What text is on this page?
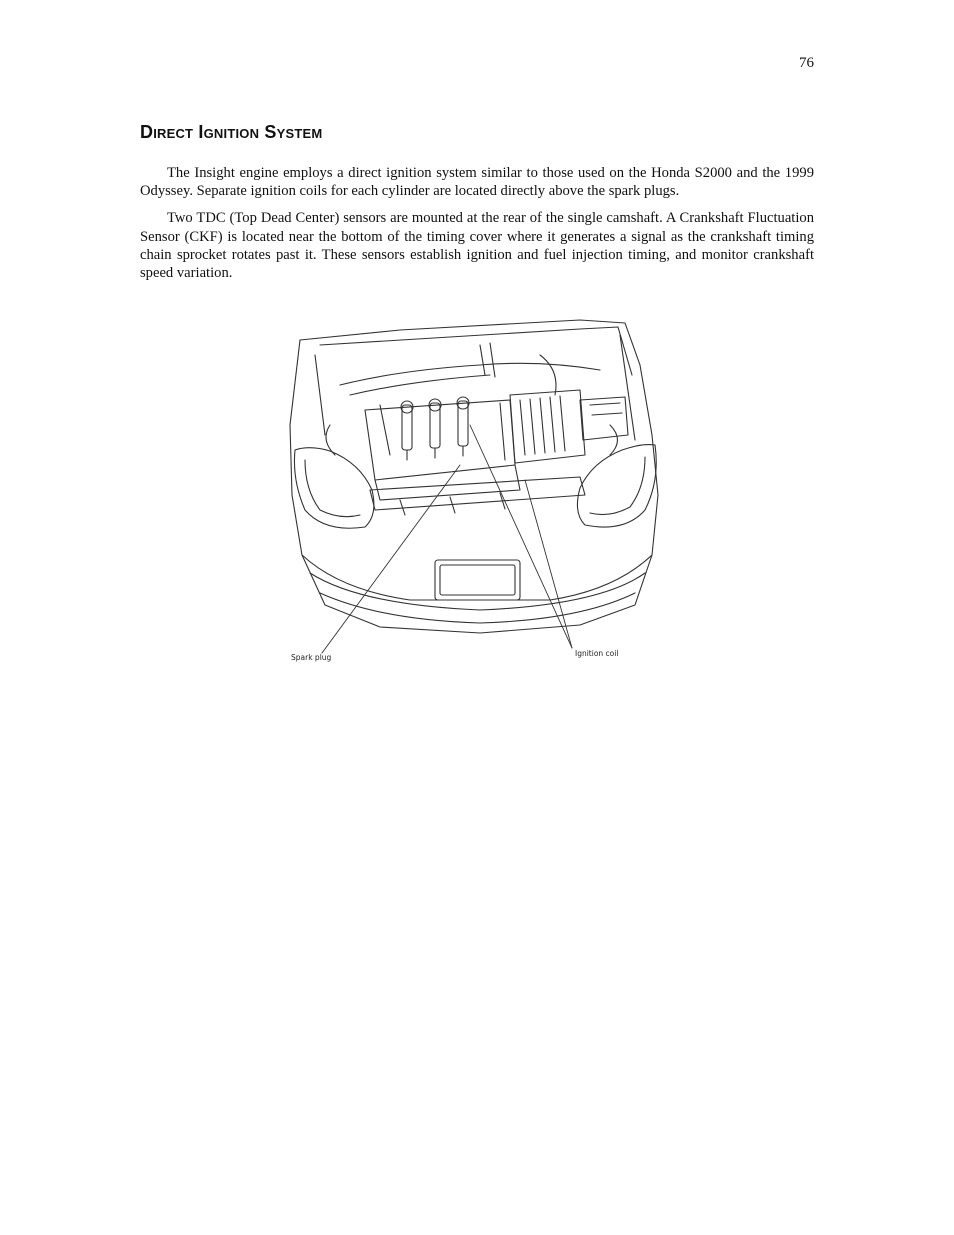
76
Direct Ignition System

The Insight engine employs a direct ignition system similar to those used on the Honda S2000 and the 1999 Odyssey. Separate ignition coils for each cylinder are located directly above the spark plugs.

Two TDC (Top Dead Center) sensors are mounted at the rear of the single camshaft. A Crankshaft Fluctuation Sensor (CKF) is located near the bottom of the timing cover where it generates a signal as the crankshaft timing chain sprocket rotates past it. These sensors establish ignition and fuel injection timing, and monitor crankshaft speed variation.

Spark plug	Ignition coil
